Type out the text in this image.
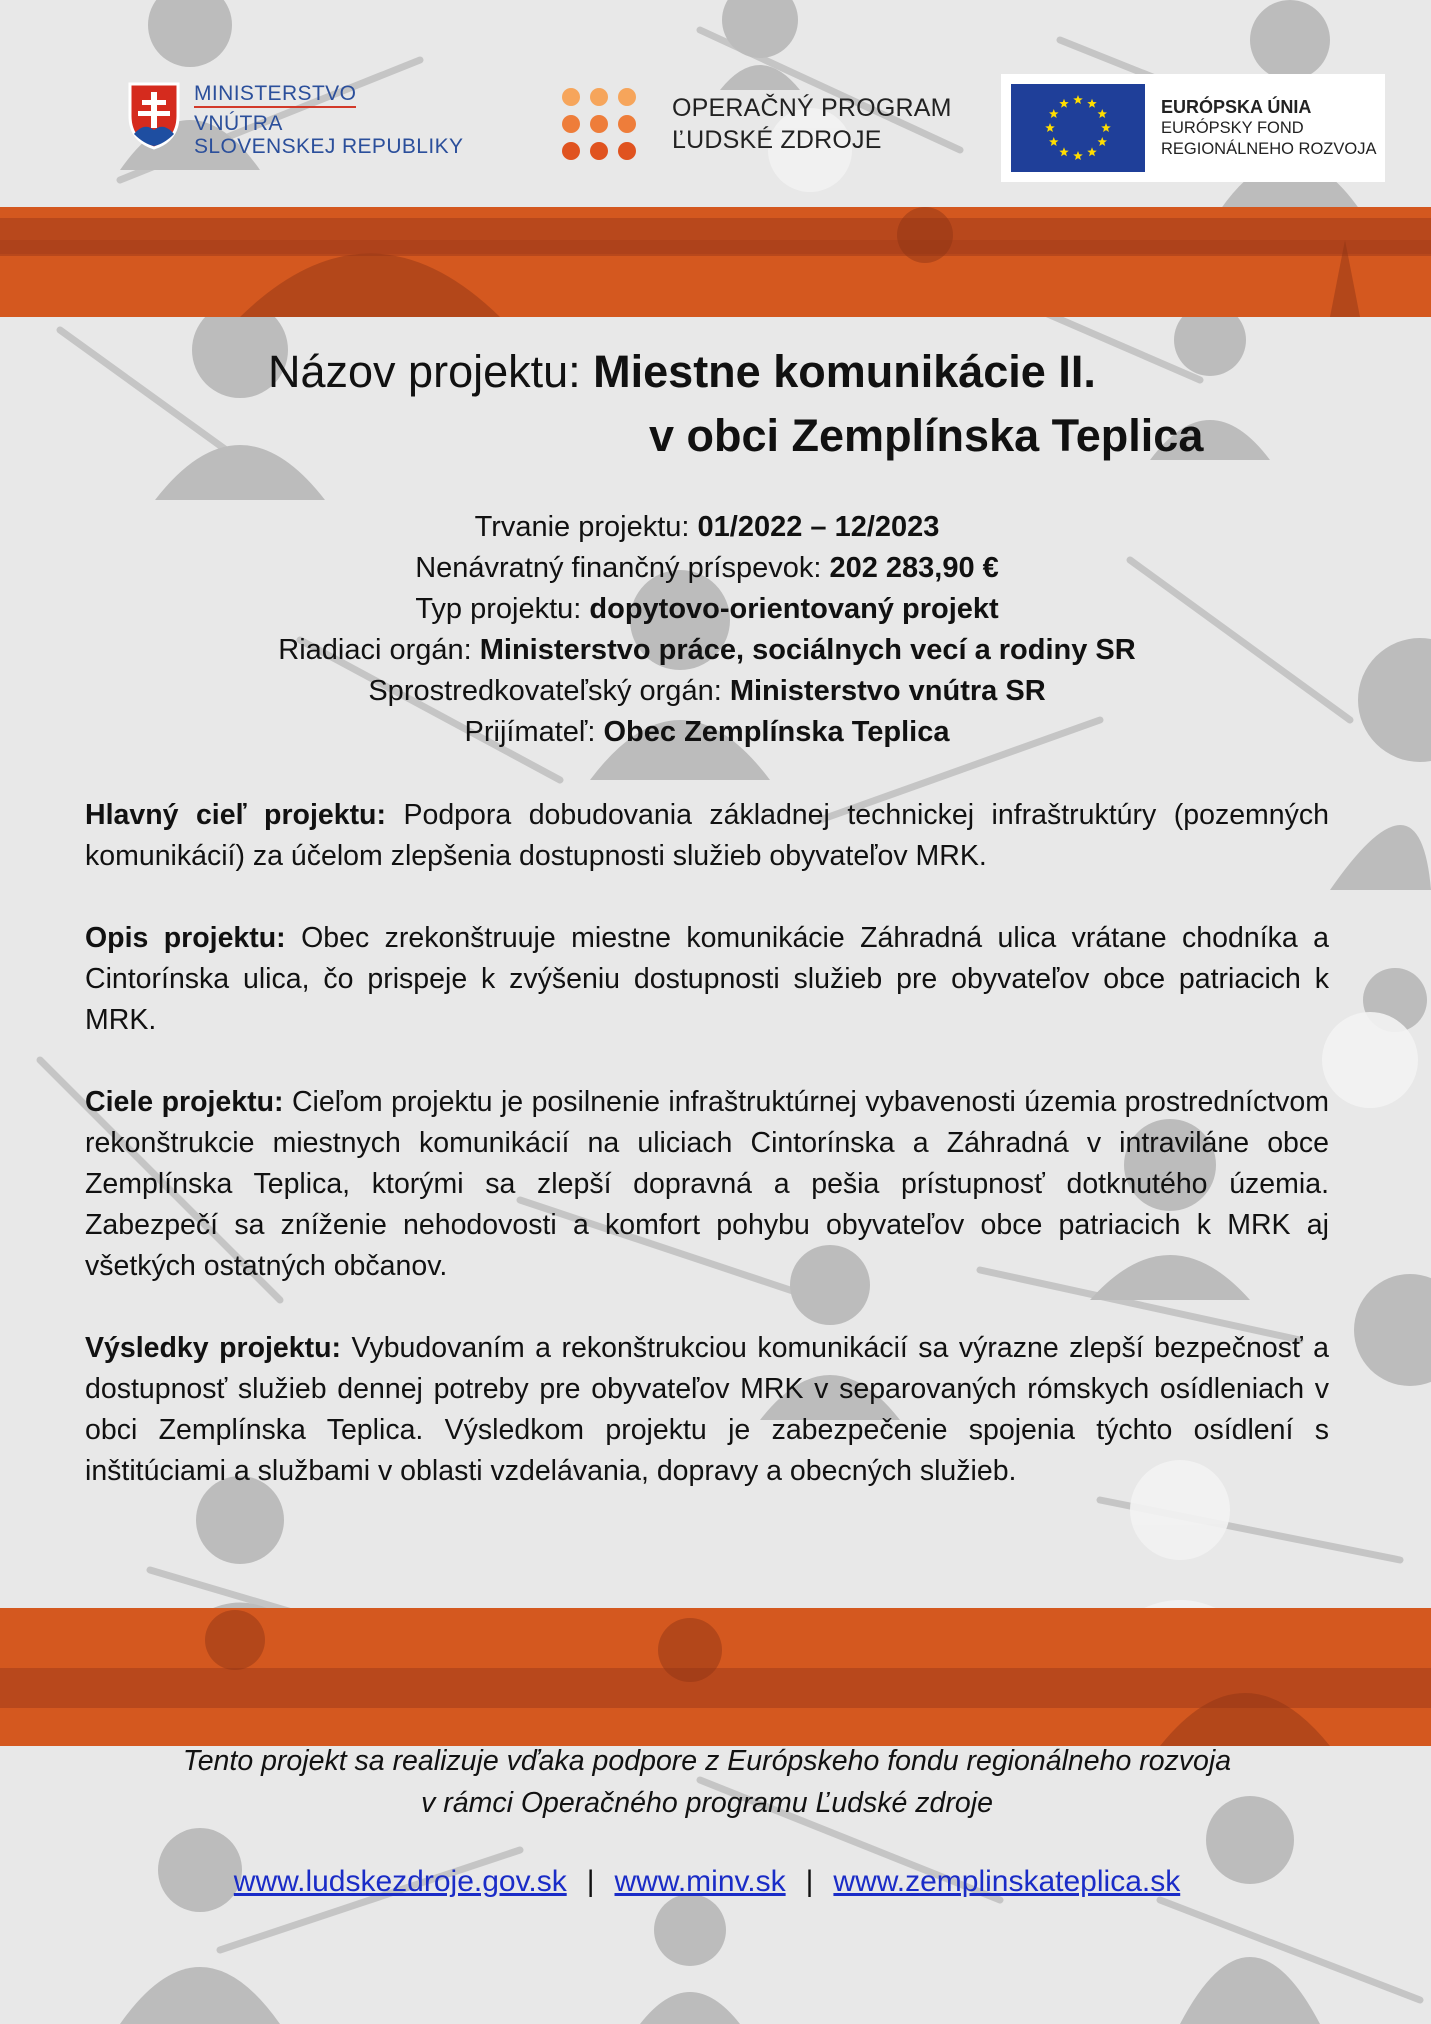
MINISTERSTVO
VNÚTRA
SLOVENSKEJ REPUBLIKY
OPERAČNÝ PROGRAM
ĽUDSKÉ ZDROJE
EURÓPSKA ÚNIA
EURÓPSKY FOND
REGIONÁLNEHO ROZVOJA
Názov projektu: Miestne komunikácie II.
v obci Zemplínska Teplica
Trvanie projektu: 01/2022 – 12/2023
Nenávratný finančný príspevok: 202 283,90 €
Typ projektu: dopytovo-orientovaný projekt
Riadiaci orgán: Ministerstvo práce, sociálnych vecí a rodiny SR
Sprostredkovateľský orgán: Ministerstvo vnútra SR
Prijímateľ: Obec Zemplínska Teplica

Hlavný cieľ projektu: Podpora dobudovania základnej technickej infraštruktúry (pozemných komunikácií) za účelom zlepšenia dostupnosti služieb obyvateľov MRK.

Opis projektu: Obec zrekonštruuje miestne komunikácie Záhradná ulica vrátane chodníka a Cintorínska ulica, čo prispeje k zvýšeniu dostupnosti služieb pre obyvateľov obce patriacich k MRK.

Ciele projektu: Cieľom projektu je posilnenie infraštruktúrnej vybavenosti územia prostredníctvom rekonštrukcie miestnych komunikácií na uliciach Cintorínska a Záhradná v intraviláne obce Zemplínska Teplica, ktorými sa zlepší dopravná a pešia prístupnosť dotknutého územia. Zabezpečí sa zníženie nehodovosti a komfort pohybu obyvateľov obce patriacich k MRK aj všetkých ostatných občanov.

Výsledky projektu: Vybudovaním a rekonštrukciou komunikácií sa výrazne zlepší bezpečnosť a dostupnosť služieb dennej potreby pre obyvateľov MRK v separovaných rómskych osídleniach v obci Zemplínska Teplica. Výsledkom projektu je zabezpečenie spojenia týchto osídlení s inštitúciami a službami v oblasti vzdelávania, dopravy a obecných služieb.

Tento projekt sa realizuje vďaka podpore z Európskeho fondu regionálneho rozvoja
v rámci Operačného programu Ľudské zdroje
www.ludskezdroje.gov.sk | www.minv.sk | www.zemplinskateplica.sk
